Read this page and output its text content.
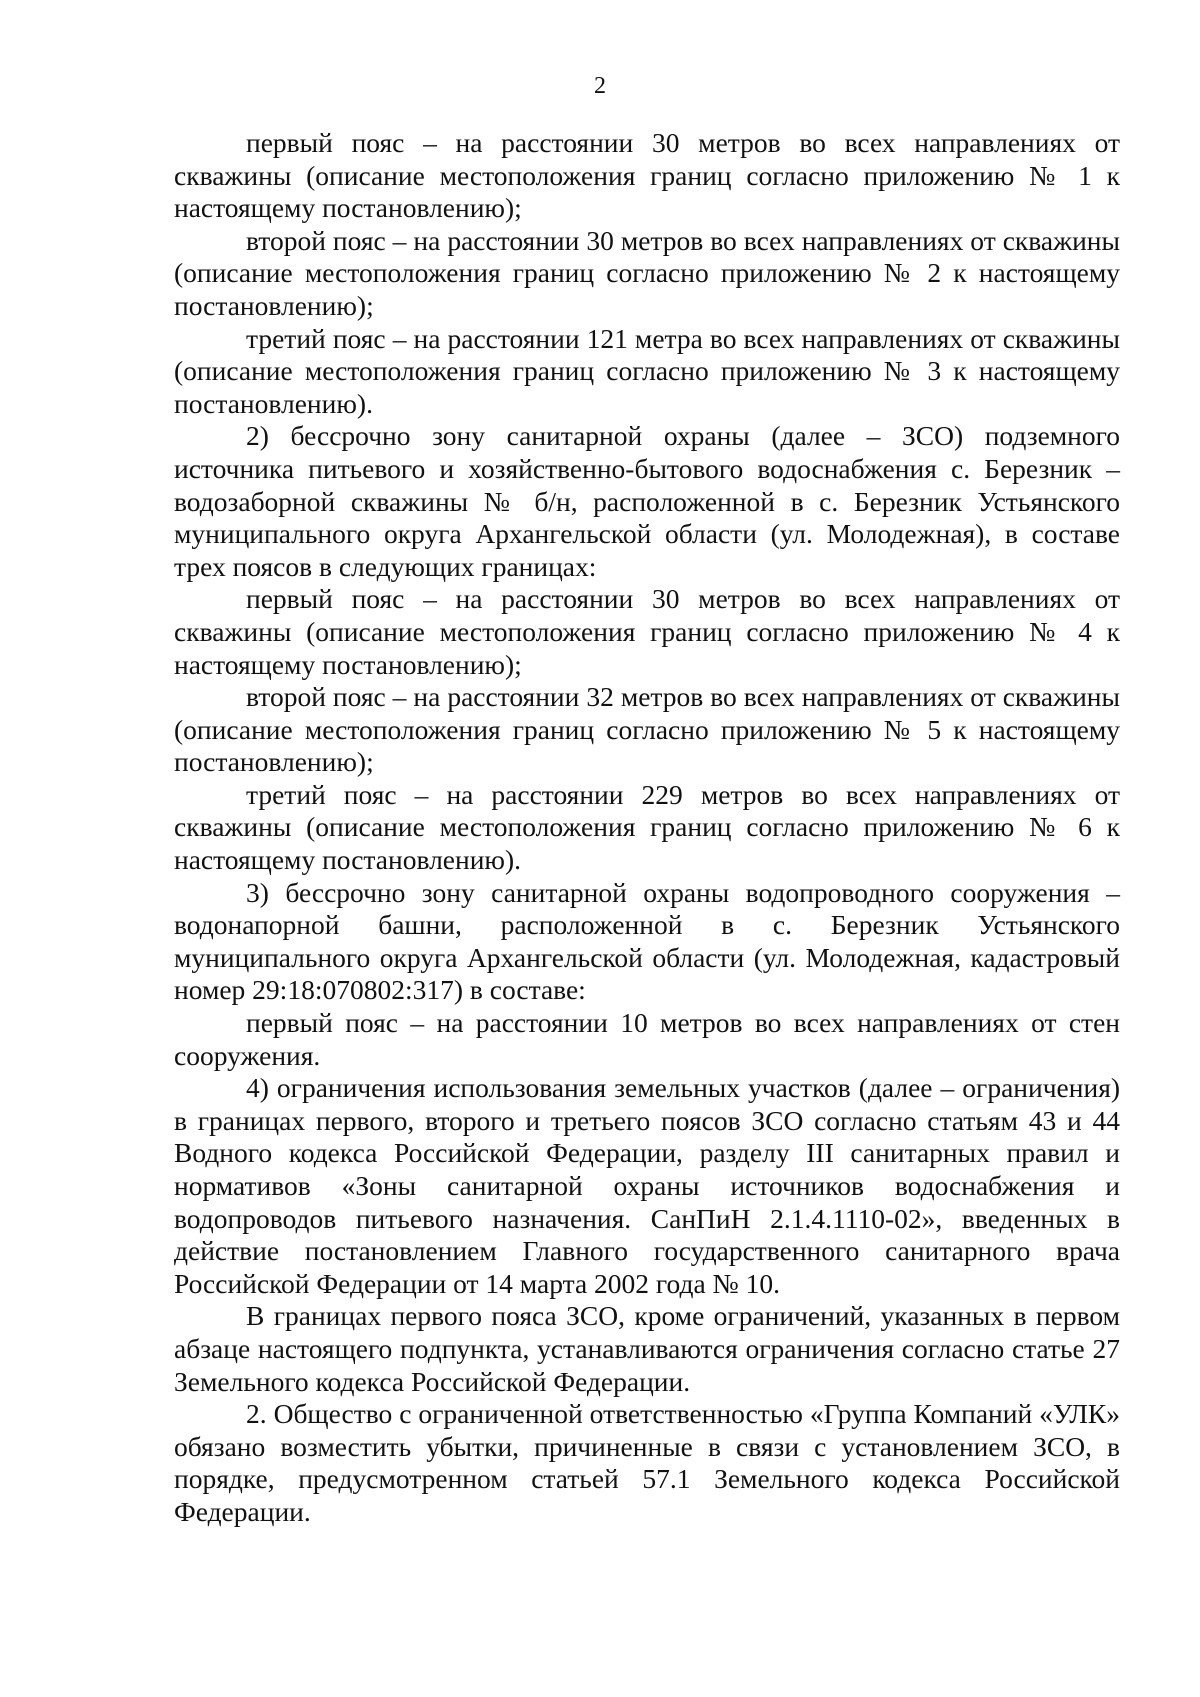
2

первый пояс – на расстоянии 30 метров во всех направлениях от скважины (описание местоположения границ согласно приложению № 1 к настоящему постановлению);

второй пояс – на расстоянии 30 метров во всех направлениях от скважины (описание местоположения границ согласно приложению № 2 к настоящему постановлению);

третий пояс – на расстоянии 121 метра во всех направлениях от скважины (описание местоположения границ согласно приложению № 3 к настоящему постановлению).

2) бессрочно зону санитарной охраны (далее – ЗСО) подземного источника питьевого и хозяйственно-бытового водоснабжения с. Березник – водозаборной скважины № б/н, расположенной в с. Березник Устьянского муниципального округа Архангельской области (ул. Молодежная), в составе трех поясов в следующих границах:

первый пояс – на расстоянии 30 метров во всех направлениях от скважины (описание местоположения границ согласно приложению № 4 к настоящему постановлению);

второй пояс – на расстоянии 32 метров во всех направлениях от скважины (описание местоположения границ согласно приложению № 5 к настоящему постановлению);

третий пояс – на расстоянии 229 метров во всех направлениях от скважины (описание местоположения границ согласно приложению № 6 к настоящему постановлению).

3) бессрочно зону санитарной охраны водопроводного сооружения – водонапорной башни, расположенной в с. Березник Устьянского муниципального округа Архангельской области (ул. Молодежная, кадастровый номер 29:18:070802:317) в составе:

первый пояс – на расстоянии 10 метров во всех направлениях от стен сооружения.

4) ограничения использования земельных участков (далее – ограничения) в границах первого, второго и третьего поясов ЗСО согласно статьям 43 и 44 Водного кодекса Российской Федерации, разделу III санитарных правил и нормативов «Зоны санитарной охраны источников водоснабжения и водопроводов питьевого назначения. СанПиН 2.1.4.1110-02», введенных в действие постановлением Главного государственного санитарного врача Российской Федерации от 14 марта 2002 года № 10.

В границах первого пояса ЗСО, кроме ограничений, указанных в первом абзаце настоящего подпункта, устанавливаются ограничения согласно статье 27 Земельного кодекса Российской Федерации.

2. Общество с ограниченной ответственностью «Группа Компаний «УЛК» обязано возместить убытки, причиненные в связи с установлением ЗСО, в порядке, предусмотренном статьей 57.1 Земельного кодекса Российской Федерации.
